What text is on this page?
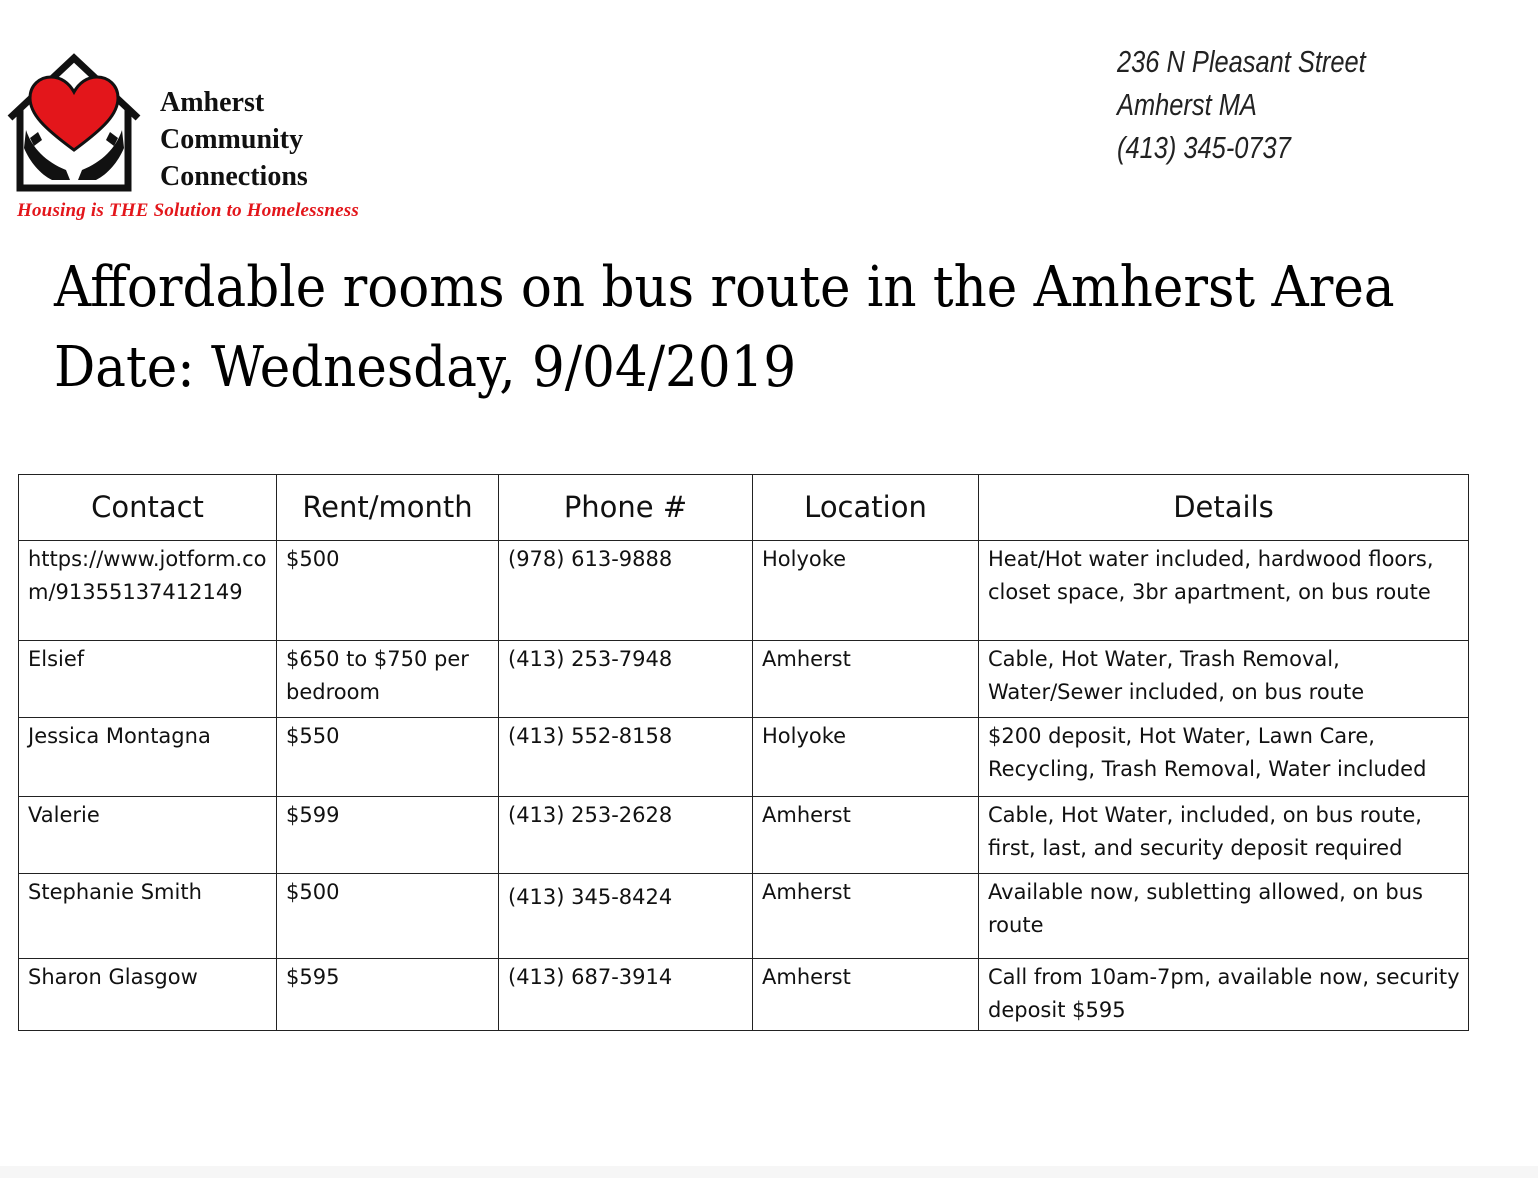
Amherst
Community
Connections
Housing is THE Solution to Homelessness
236 N Pleasant Street
Amherst MA
(413) 345-0737
Affordable rooms on bus route in the Amherst Area
Date: Wednesday, 9/04/2019
Contact	Rent/month	Phone #	Location	Details
https://www.jotform.com/91355137412149	$500	(978) 613-9888	Holyoke	Heat/Hot water included, hardwood floors, closet space, 3br apartment, on bus route
Elsief	$650 to $750 per bedroom	(413) 253-7948	Amherst	Cable, Hot Water, Trash Removal, Water/Sewer included, on bus route
Jessica Montagna	$550	(413) 552-8158	Holyoke	$200 deposit, Hot Water, Lawn Care, Recycling, Trash Removal, Water included
Valerie	$599	(413) 253-2628	Amherst	Cable, Hot Water, included, on bus route, first, last, and security deposit required
Stephanie Smith	$500	(413) 345-8424	Amherst	Available now, subletting allowed, on bus route
Sharon Glasgow	$595	(413) 687-3914	Amherst	Call from 10am-7pm, available now, security deposit $595
